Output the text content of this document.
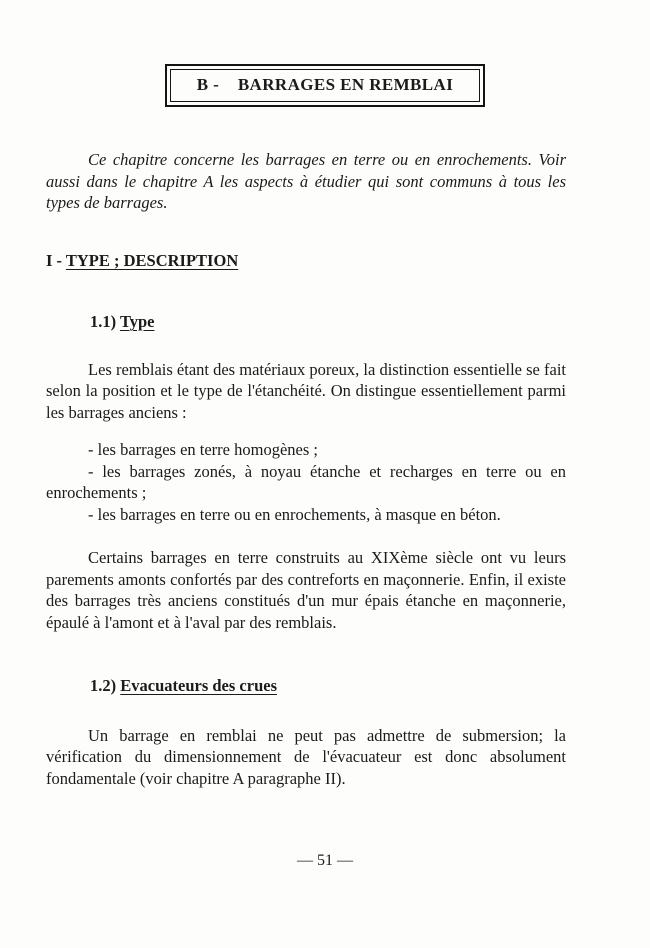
B -    BARRAGES EN REMBLAI

Ce chapitre concerne les barrages en terre ou en enrochements. Voir aussi dans le chapitre A les aspects à étudier qui sont communs à tous les types de barrages.

I - TYPE ; DESCRIPTION
1.1) Type

Les remblais étant des matériaux poreux, la distinction essentielle se fait selon la position et le type de l'étanchéité. On distingue essentiellement parmi les barrages anciens :

- les barrages en terre homogènes ;

- les barrages zonés, à noyau étanche et recharges en terre ou en enrochements ;

- les barrages en terre ou en enrochements, à masque en béton.

Certains barrages en terre construits au XIXème siècle ont vu leurs parements amonts confortés par des contreforts en maçonnerie. Enfin, il existe des barrages très anciens constitués d'un mur épais étanche en maçonnerie, épaulé à l'amont et à l'aval par des remblais.

1.2) Evacuateurs des crues

Un barrage en remblai ne peut pas admettre de submersion; la vérification du dimensionnement de l'évacuateur est donc absolument fondamentale (voir chapitre A paragraphe II).

— 51 —
